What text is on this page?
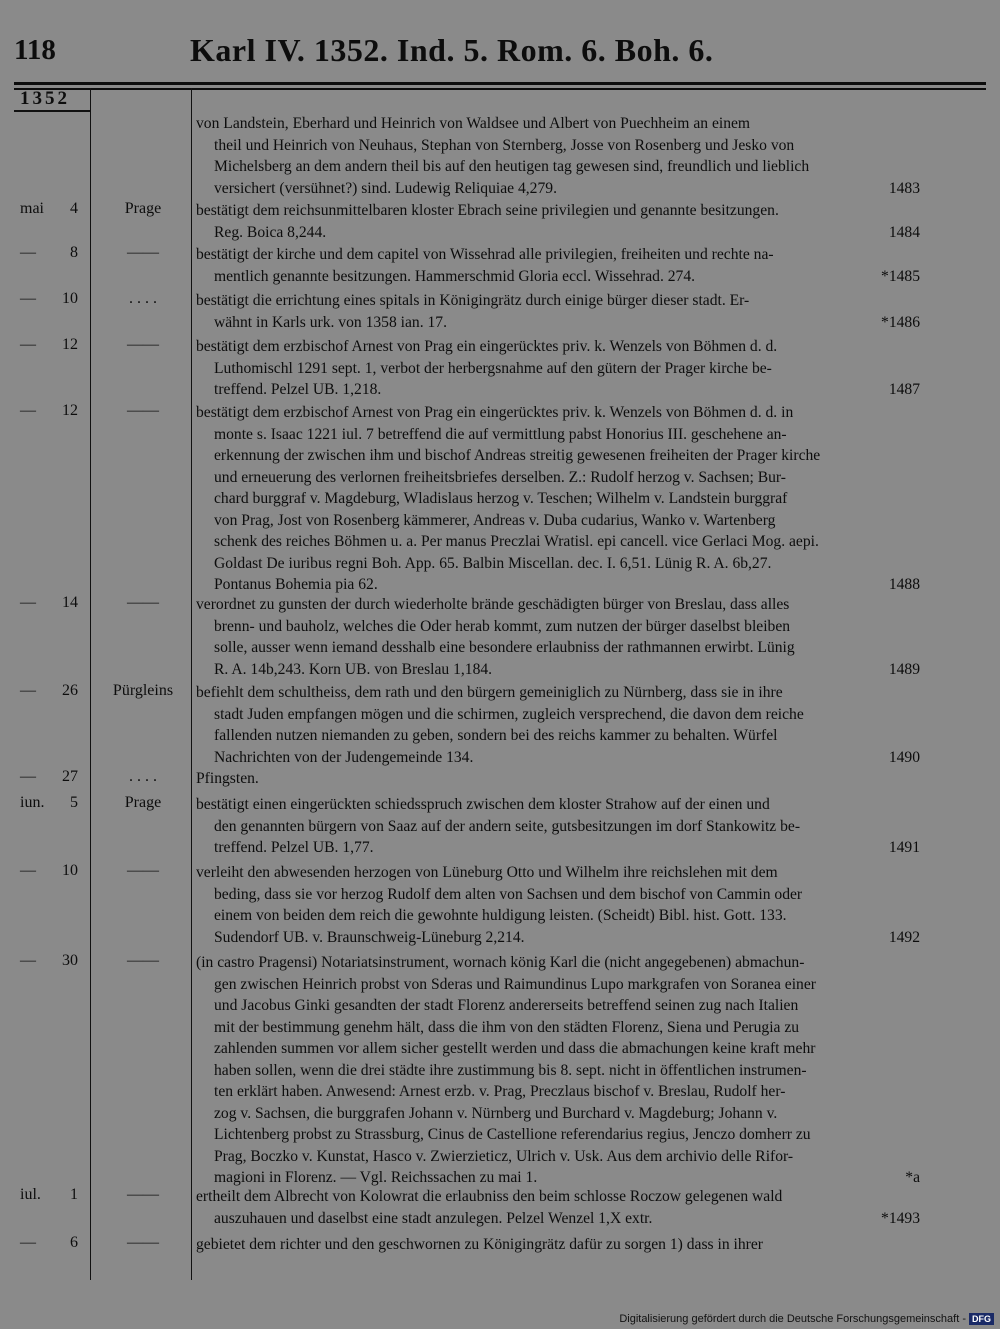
118	Karl IV. 1352. Ind. 5. Rom. 6. Boh. 6.
1352
von Landstein, Eberhard und Heinrich von Waldsee und Albert von Puechheim an einem
theil und Heinrich von Neuhaus, Stephan von Sternberg, Josse von Rosenberg und Jesko von
Michelsberg an dem andern theil bis auf den heutigen tag gewesen sind, freundlich und lieblich
versichert (versühnet?) sind. Ludewig Reliquiae 4,279.	1483
mai 4	Prage	bestätigt dem reichsunmittelbaren kloster Ebrach seine privilegien und genannte besitzungen.
Reg. Boica 8,244.	1484
— 8	——	bestätigt der kirche und dem capitel von Wissehrad alle privilegien, freiheiten und rechte na-
mentlich genannte besitzungen. Hammerschmid Gloria eccl. Wissehrad. 274.	*1485
— 10	. . . .	bestätigt die errichtung eines spitals in Königingrätz durch einige bürger dieser stadt. Er-
wähnt in Karls urk. von 1358 ian. 17.	*1486
— 12	——	bestätigt dem erzbischof Arnest von Prag ein eingerücktes priv. k. Wenzels von Böhmen d. d.
Luthomischl 1291 sept. 1, verbot der herbergsnahme auf den gütern der Prager kirche be-
treffend. Pelzel UB. 1,218.	1487
— 12	——	bestätigt dem erzbischof Arnest von Prag ein eingerücktes priv. k. Wenzels von Böhmen d. d. in
monte s. Isaac 1221 iul. 7 betreffend die auf vermittlung pabst Honorius III. geschehene an-
erkennung der zwischen ihm und bischof Andreas streitig gewesenen freiheiten der Prager kirche
und erneuerung des verlornen freiheitsbriefes derselben. Z.: Rudolf herzog v. Sachsen; Bur-
chard burggraf v. Magdeburg, Wladislaus herzog v. Teschen; Wilhelm v. Landstein burggraf
von Prag, Jost von Rosenberg kämmerer, Andreas v. Duba cudarius, Wanko v. Wartenberg
schenk des reiches Böhmen u. a. Per manus Preczlai Wratisl. epi cancell. vice Gerlaci Mog. aepi.
Goldast De iuribus regni Boh. App. 65. Balbin Miscellan. dec. I. 6,51. Lünig R. A. 6b,27.
Pontanus Bohemia pia 62.	1488
— 14	——	verordnet zu gunsten der durch wiederholte brände geschädigten bürger von Breslau, dass alles
brenn- und bauholz, welches die Oder herab kommt, zum nutzen der bürger daselbst bleiben
solle, ausser wenn iemand desshalb eine besondere erlaubniss der rathmannen erwirbt. Lünig
R. A. 14b,243. Korn UB. von Breslau 1,184.	1489
— 26	Pürgleins	befiehlt dem schultheiss, dem rath und den bürgern gemeiniglich zu Nürnberg, dass sie in ihre
stadt Juden empfangen mögen und die schirmen, zugleich versprechend, die davon dem reiche
fallenden nutzen niemanden zu geben, sondern bei des reichs kammer zu behalten. Würfel
Nachrichten von der Judengemeinde 134.	1490
— 27	. . . .	Pfingsten.
iun. 5	Prage	bestätigt einen eingerückten schiedsspruch zwischen dem kloster Strahow auf der einen und
den genannten bürgern von Saaz auf der andern seite, gutsbesitzungen im dorf Stankowitz be-
treffend. Pelzel UB. 1,77.	1491
— 10	——	verleiht den abwesenden herzogen von Lüneburg Otto und Wilhelm ihre reichslehen mit dem
beding, dass sie vor herzog Rudolf dem alten von Sachsen und dem bischof von Cammin oder
einem von beiden dem reich die gewohnte huldigung leisten. (Scheidt) Bibl. hist. Gott. 133.
Sudendorf UB. v. Braunschweig-Lüneburg 2,214.	1492
— 30	——	(in castro Pragensi) Notariatsinstrument, wornach könig Karl die (nicht angegebenen) abmachun-
gen zwischen Heinrich probst von Sderas und Raimundinus Lupo markgrafen von Soranea einer
und Jacobus Ginki gesandten der stadt Florenz andererseits betreffend seinen zug nach Italien
mit der bestimmung genehm hält, dass die ihm von den städten Florenz, Siena und Perugia zu
zahlenden summen vor allem sicher gestellt werden und dass die abmachungen keine kraft mehr
haben sollen, wenn die drei städte ihre zustimmung bis 8. sept. nicht in öffentlichen instrumen-
ten erklärt haben. Anwesend: Arnest erzb. v. Prag, Preczlaus bischof v. Breslau, Rudolf her-
zog v. Sachsen, die burggrafen Johann v. Nürnberg und Burchard v. Magdeburg; Johann v.
Lichtenberg probst zu Strassburg, Cinus de Castellione referendarius regius, Jenczo domherr zu
Prag, Boczko v. Kunstat, Hasco v. Zwierzieticz, Ulrich v. Usk. Aus dem archivio delle Rifor-
magioni in Florenz. — Vgl. Reichssachen zu mai 1.	*a
iul. 1	——	ertheilt dem Albrecht von Kolowrat die erlaubniss den beim schlosse Roczow gelegenen wald
auszuhauen und daselbst eine stadt anzulegen. Pelzel Wenzel 1,X extr.	*1493
— 6	——	gebietet dem richter und den geschwornen zu Königingrätz dafür zu sorgen 1) dass in ihrer
Digitalisierung gefördert durch die Deutsche Forschungsgemeinschaft - DFG
